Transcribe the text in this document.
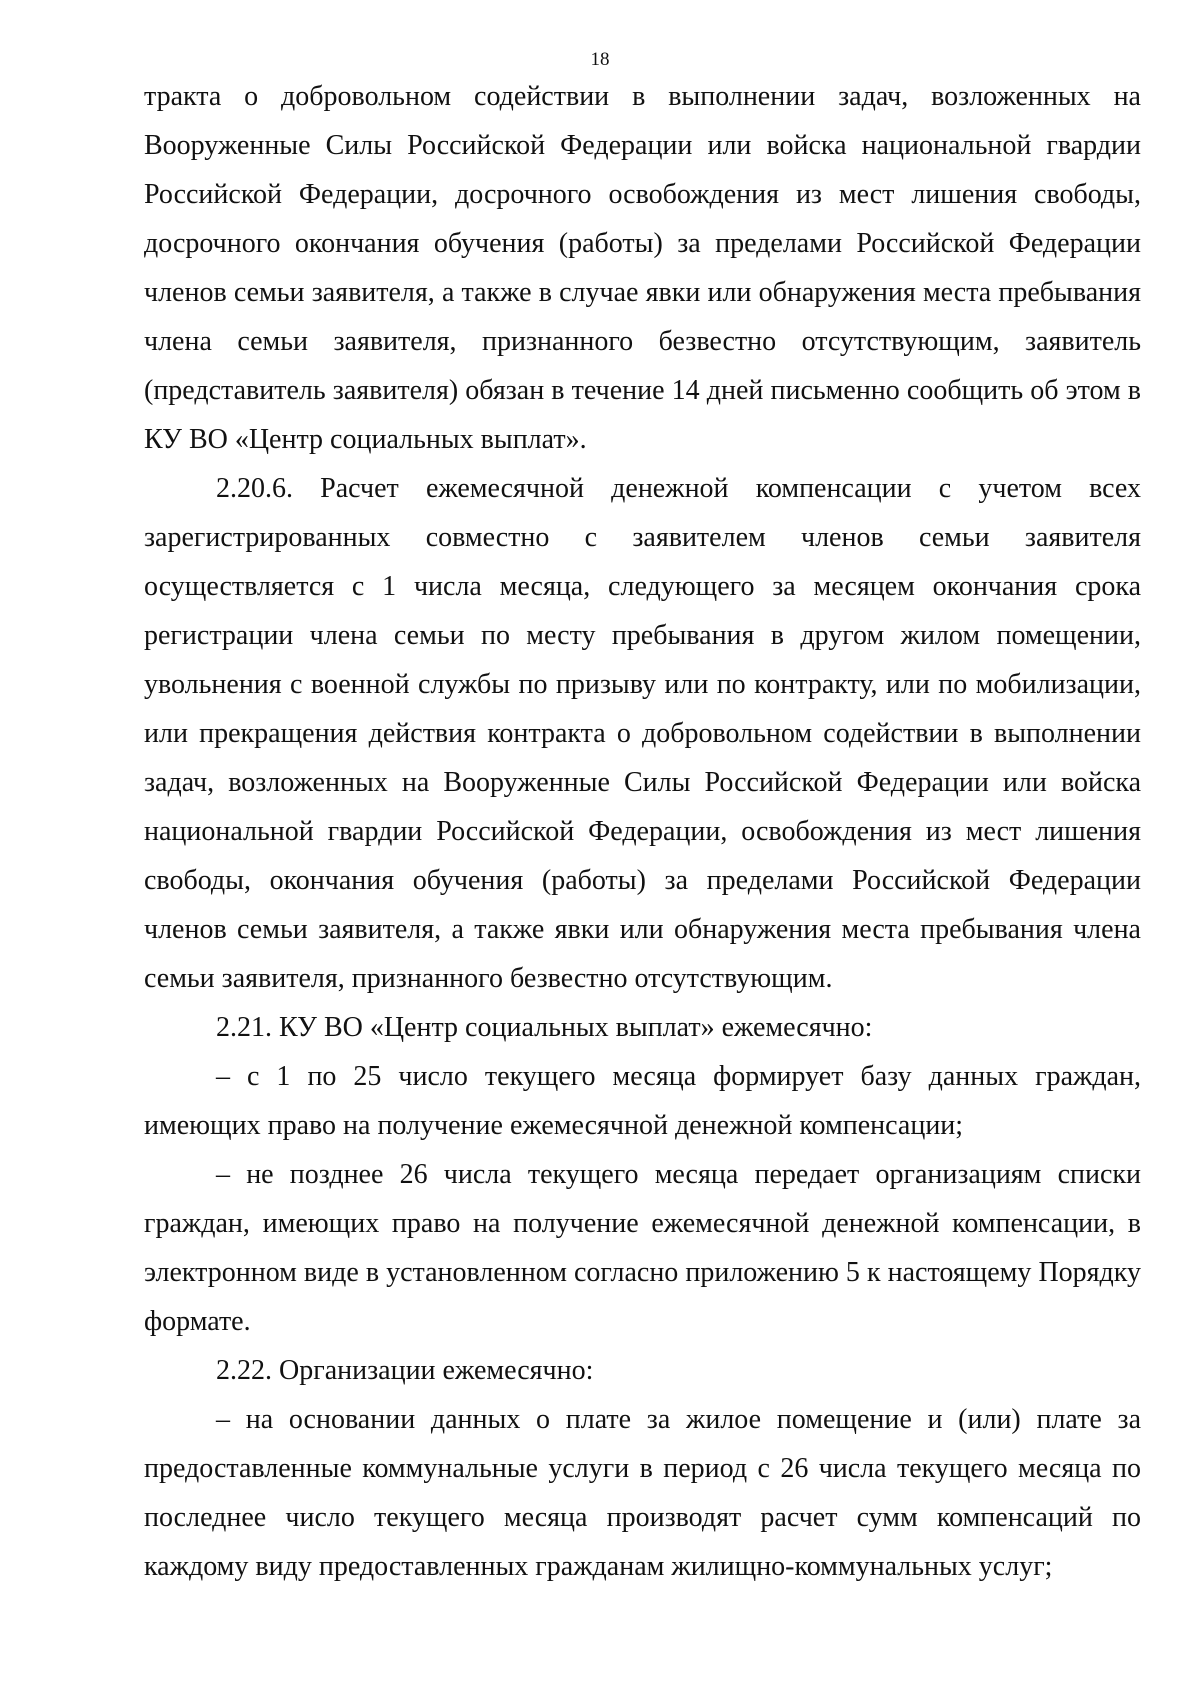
18

тракта о добровольном содействии в выполнении задач, возложенных на Вооруженные Силы Российской Федерации или войска национальной гвардии Российской Федерации, досрочного освобождения из мест лишения свободы, досрочного окончания обучения (работы) за пределами Российской Федерации членов семьи заявителя, а также в случае явки или обнаружения места пребывания члена семьи заявителя, признанного безвестно отсутствующим, заявитель (представитель заявителя) обязан в течение 14 дней письменно сообщить об этом в КУ ВО «Центр социальных выплат».

2.20.6. Расчет ежемесячной денежной компенсации с учетом всех зарегистрированных совместно с заявителем членов семьи заявителя осуществляется с 1 числа месяца, следующего за месяцем окончания срока регистрации члена семьи по месту пребывания в другом жилом помещении, увольнения с военной службы по призыву или по контракту, или по мобилизации, или прекращения действия контракта о добровольном содействии в выполнении задач, возложенных на Вооруженные Силы Российской Федерации или войска национальной гвардии Российской Федерации, освобождения из мест лишения свободы, окончания обучения (работы) за пределами Российской Федерации членов семьи заявителя, а также явки или обнаружения места пребывания члена семьи заявителя, признанного безвестно отсутствующим.

2.21. КУ ВО «Центр социальных выплат» ежемесячно:

– с 1 по 25 число текущего месяца формирует базу данных граждан, имеющих право на получение ежемесячной денежной компенсации;

– не позднее 26 числа текущего месяца передает организациям списки граждан, имеющих право на получение ежемесячной денежной компенсации, в электронном виде в установленном согласно приложению 5 к настоящему Порядку формате.

2.22. Организации ежемесячно:

– на основании данных о плате за жилое помещение и (или) плате за предоставленные коммунальные услуги в период с 26 числа текущего месяца по последнее число текущего месяца производят расчет сумм компенсаций по каждому виду предоставленных гражданам жилищно-коммунальных услуг;
